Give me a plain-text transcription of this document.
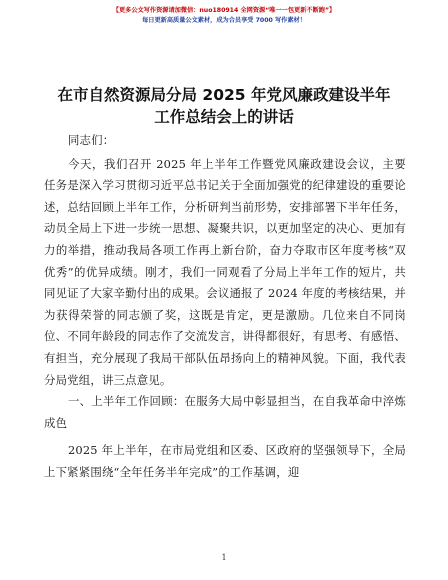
【更多公文写作资源请加微信：nuo180914 全网资源“唯一一包更新不断跑”】
每日更新高质量公文素材，成为合员享受 7000 写作素材！
在市自然资源局分局 2025 年党风廉政建设半年
工作总结会上的讲话

同志们：

今天，我们召开 2025 年上半年工作暨党风廉政建设会议，主要任务是深入学习贯彻习近平总书记关于全面加强党的纪律建设的重要论述，总结回顾上半年工作，分析研判当前形势，安排部署下半年任务，动员全局上下进一步统一思想、凝聚共识，以更加坚定的决心、更加有力的举措，推动我局各项工作再上新台阶，奋力夺取市区年度考核“双优秀”的优异成绩。刚才，我们一同观看了分局上半年工作的短片，共同见证了大家辛勤付出的成果。会议通报了 2024 年度的考核结果，并为获得荣誉的同志颁了奖，这既是肯定，更是激励。几位来自不同岗位、不同年龄段的同志作了交流发言，讲得都很好，有思考、有感悟、有担当，充分展现了我局干部队伍昂扬向上的精神风貌。下面，我代表分局党组，讲三点意见。

一、上半年工作回顾：在服务大局中彰显担当，在自我革命中淬炼成色

2025 年上半年，在市局党组和区委、区政府的坚强领导下，全局上下紧紧围绕“全年任务半年完成”的工作基调，迎

1
